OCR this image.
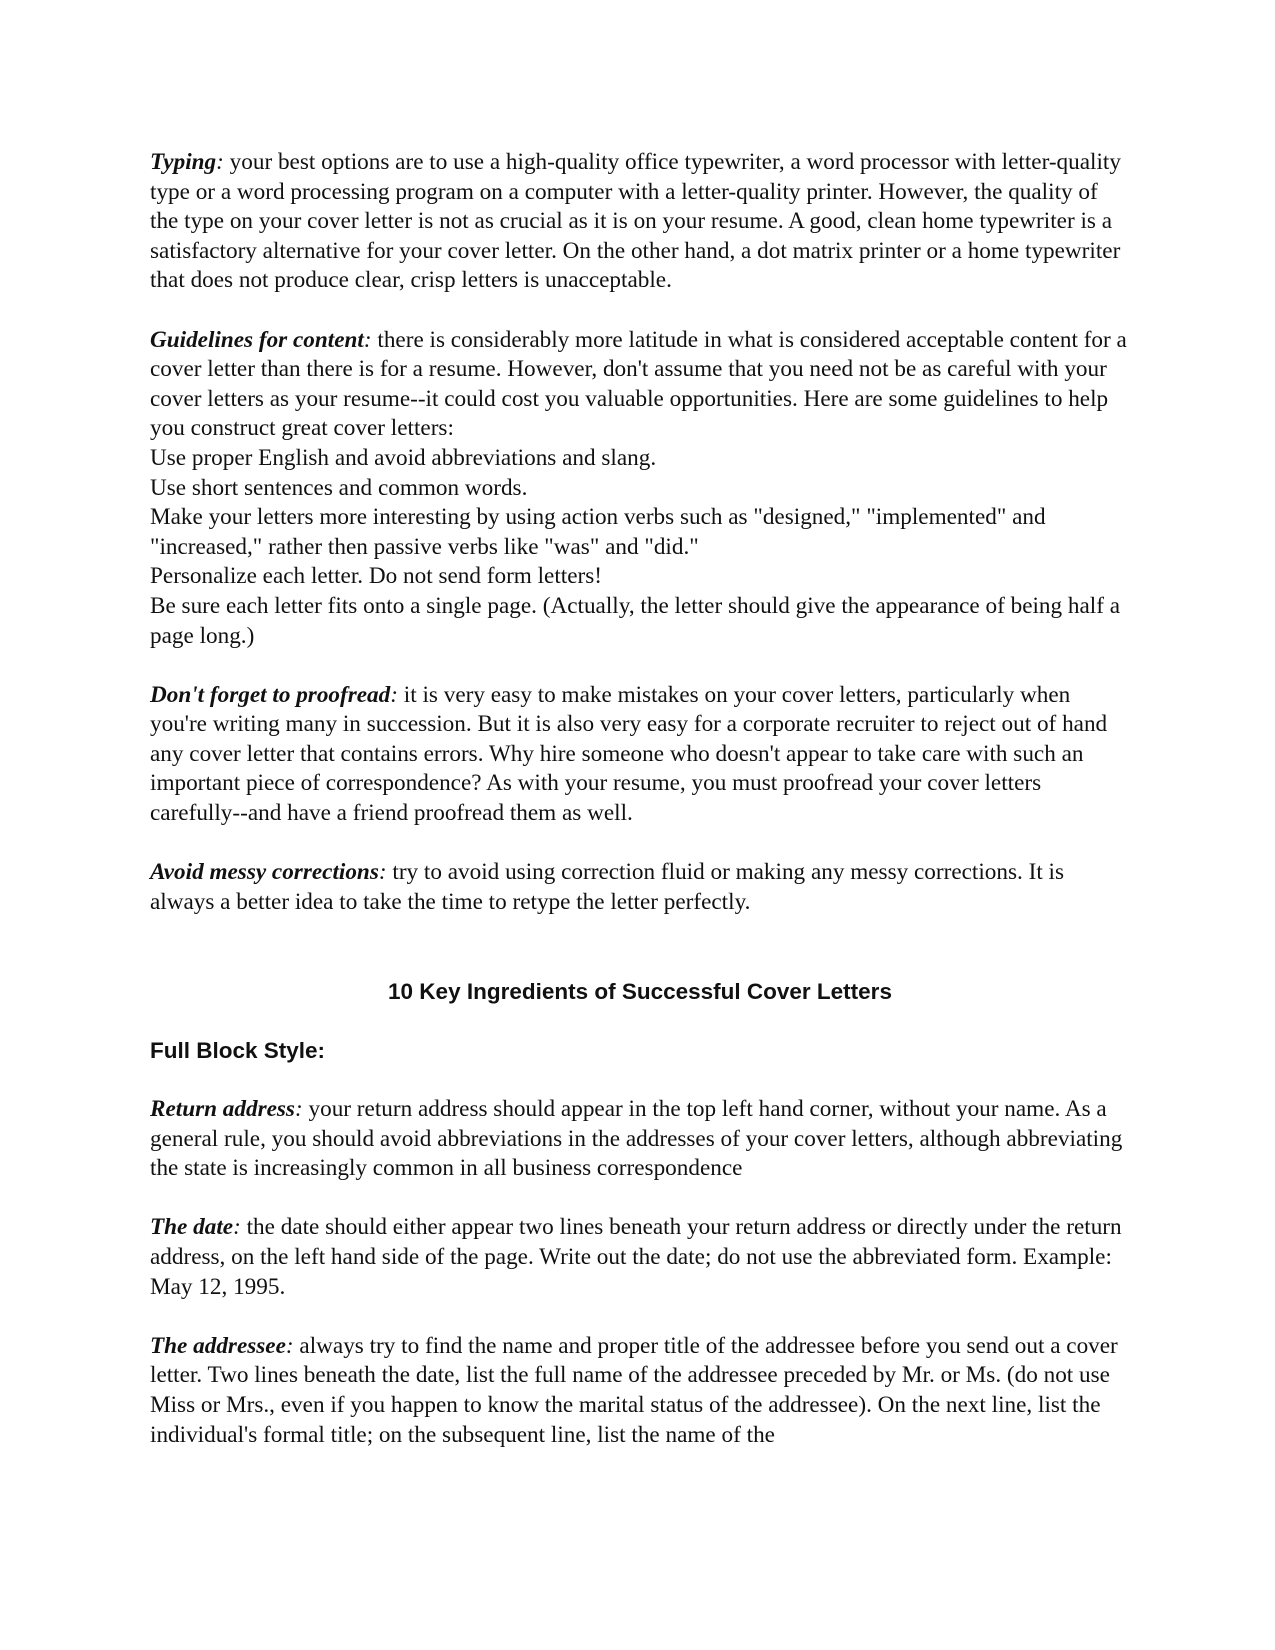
Typing: your best options are to use a high-quality office typewriter, a word processor with letter-quality type or a word processing program on a computer with a letter-quality printer. However, the quality of the type on your cover letter is not as crucial as it is on your resume. A good, clean home typewriter is a satisfactory alternative for your cover letter. On the other hand, a dot matrix printer or a home typewriter that does not produce clear, crisp letters is unacceptable.

Guidelines for content: there is considerably more latitude in what is considered acceptable content for a cover letter than there is for a resume. However, don't assume that you need not be as careful with your cover letters as your resume--it could cost you valuable opportunities. Here are some guidelines to help you construct great cover letters:

Use proper English and avoid abbreviations and slang.

Use short sentences and common words.

Make your letters more interesting by using action verbs such as "designed," "implemented" and "increased," rather then passive verbs like "was" and "did."

Personalize each letter. Do not send form letters!

Be sure each letter fits onto a single page. (Actually, the letter should give the appearance of being half a page long.)

Don't forget to proofread: it is very easy to make mistakes on your cover letters, particularly when you're writing many in succession. But it is also very easy for a corporate recruiter to reject out of hand any cover letter that contains errors. Why hire someone who doesn't appear to take care with such an important piece of correspondence? As with your resume, you must proofread your cover letters carefully--and have a friend proofread them as well.

Avoid messy corrections: try to avoid using correction fluid or making any messy corrections. It is always a better idea to take the time to retype the letter perfectly.

10 Key Ingredients of Successful Cover Letters
Full Block Style:

Return address: your return address should appear in the top left hand corner, without your name. As a general rule, you should avoid abbreviations in the addresses of your cover letters, although abbreviating the state is increasingly common in all business correspondence

The date: the date should either appear two lines beneath your return address or directly under the return address, on the left hand side of the page. Write out the date; do not use the abbreviated form. Example: May 12, 1995.

The addressee: always try to find the name and proper title of the addressee before you send out a cover letter. Two lines beneath the date, list the full name of the addressee preceded by Mr. or Ms. (do not use Miss or Mrs., even if you happen to know the marital status of the addressee). On the next line, list the individual's formal title; on the subsequent line, list the name of the
